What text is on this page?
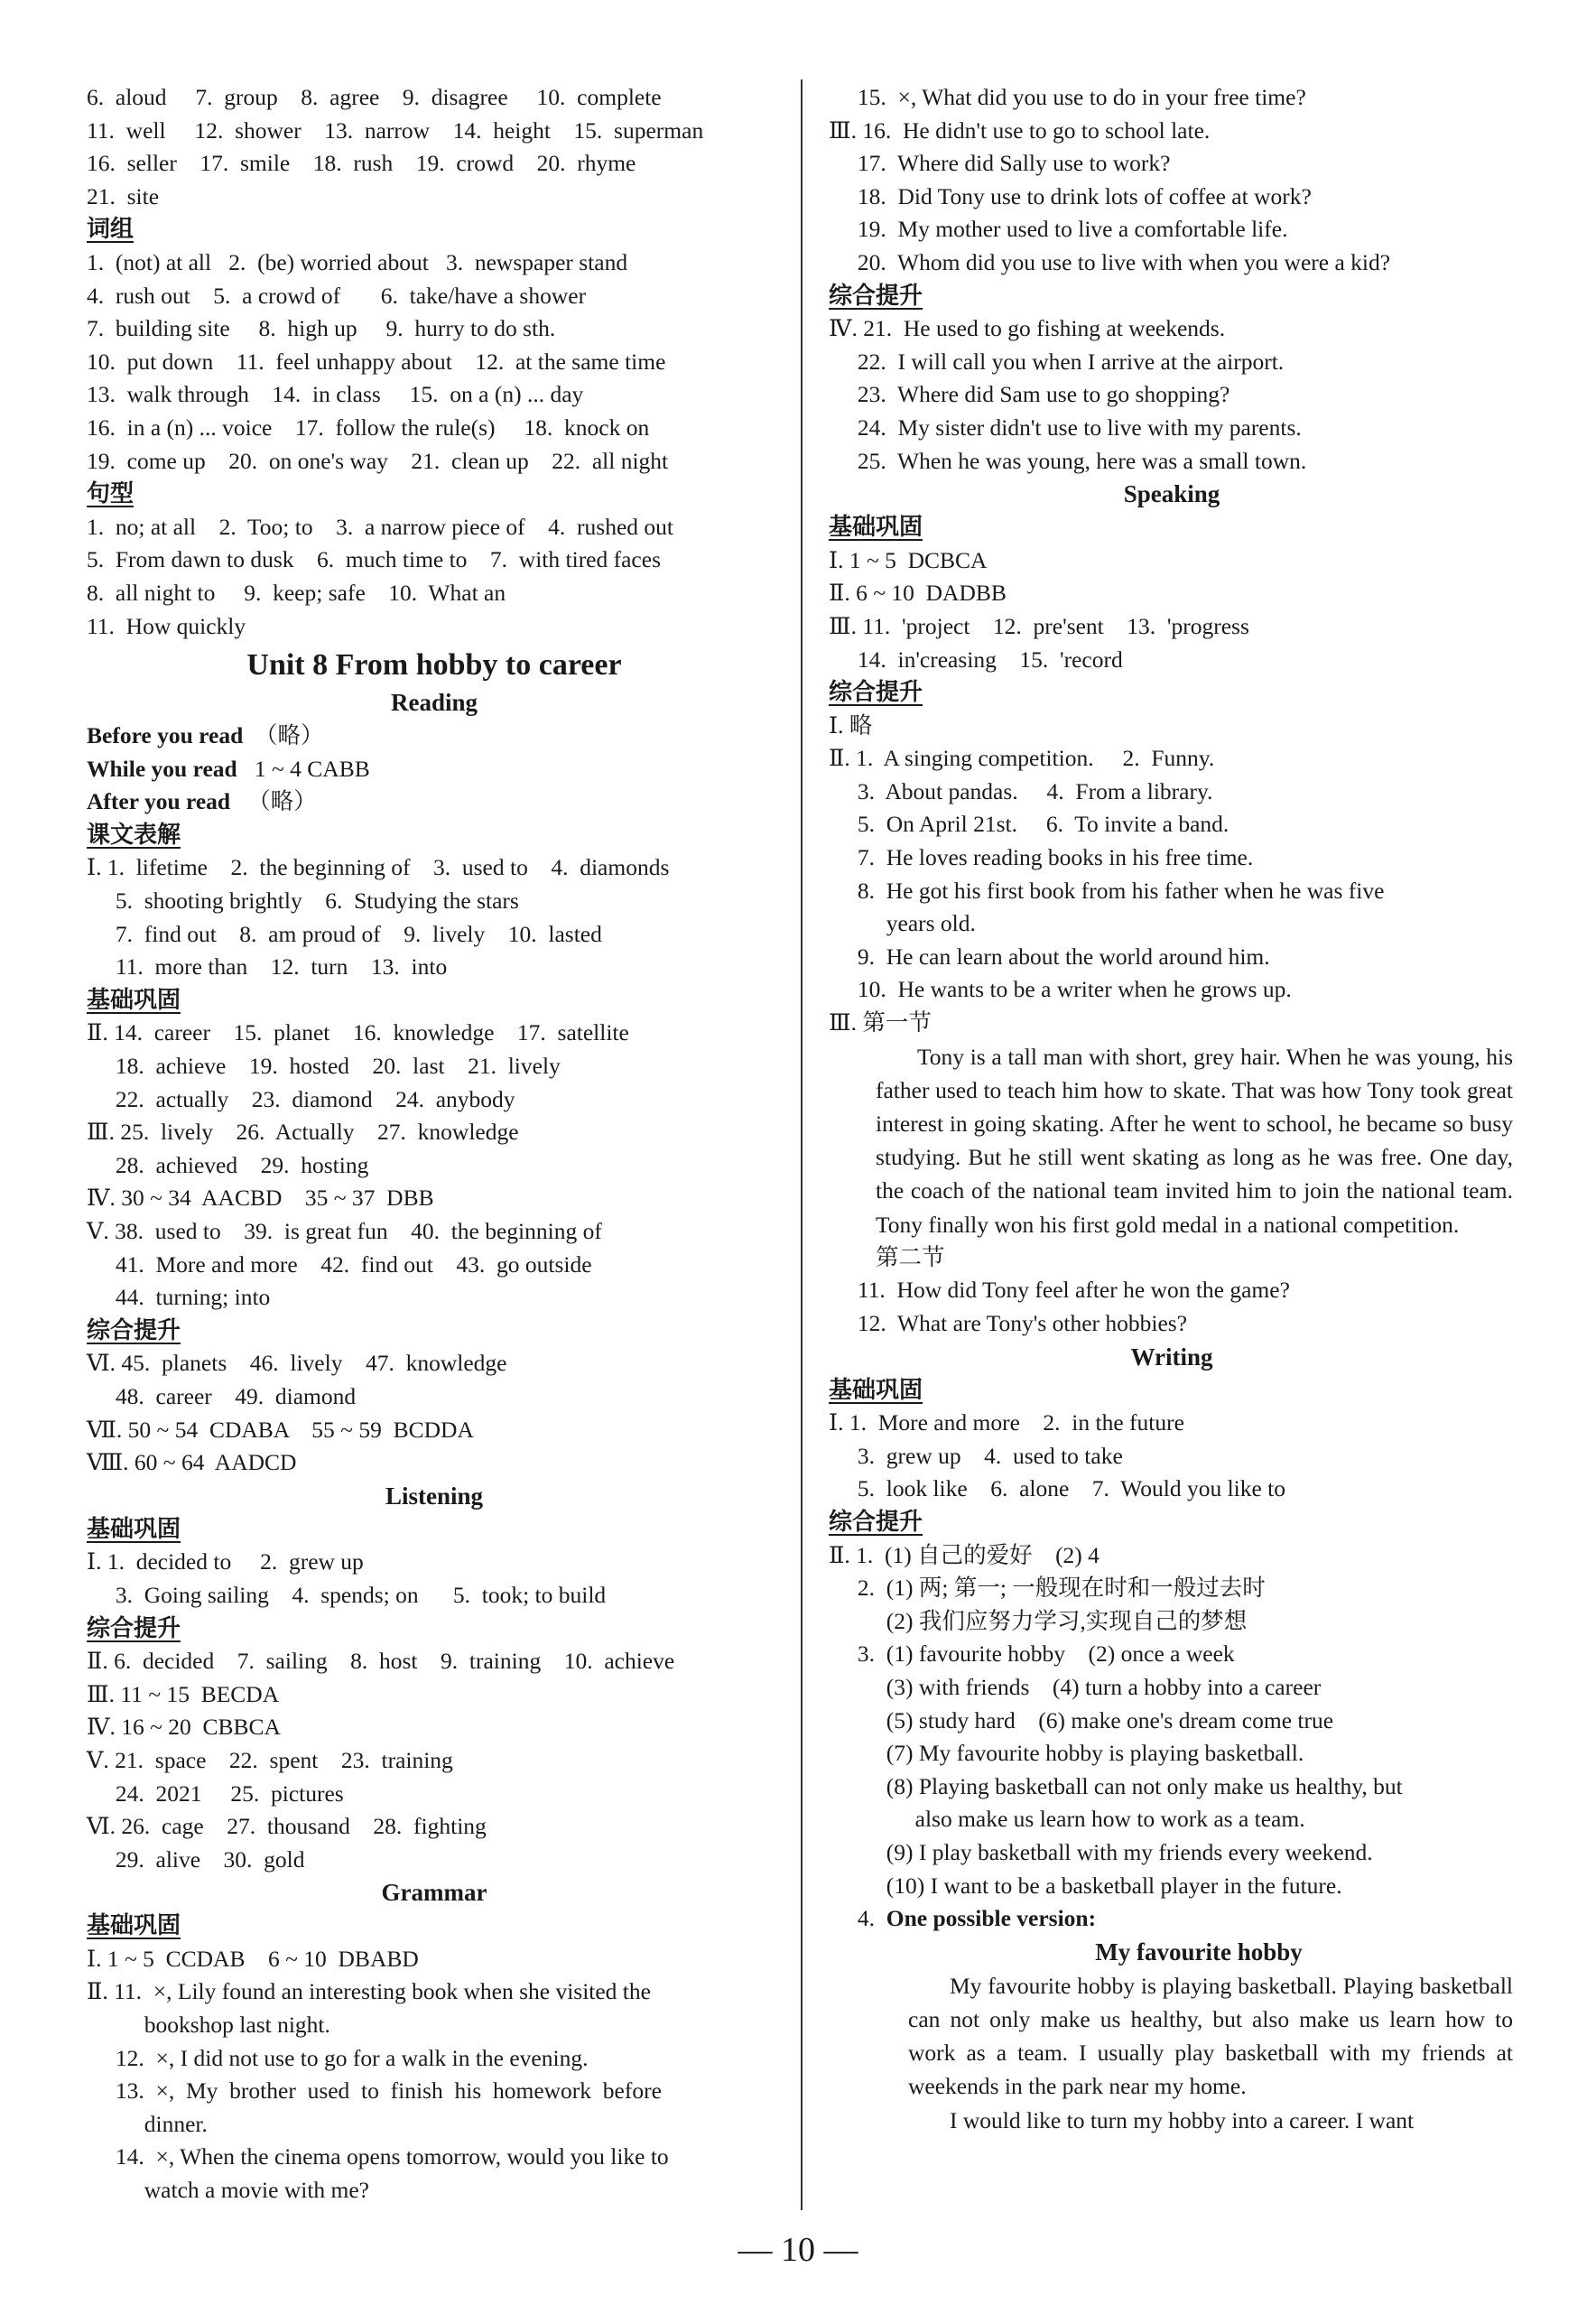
6.  aloud     7.  group    8.  agree    9.  disagree     10.  complete
11.  well     12.  shower    13.  narrow    14.  height    15.  superman
16.  seller    17.  smile    18.  rush    19.  crowd    20.  rhyme
21.  site
词组
1.  (not) at all   2.  (be) worried about   3.  newspaper stand
4.  rush out    5.  a crowd of       6.  take/have a shower
7.  building site     8.  high up     9.  hurry to do sth.
10.  put down    11.  feel unhappy about    12.  at the same time
13.  walk through    14.  in class     15.  on a (n) ... day
16.  in a (n) ... voice    17.  follow the rule(s)     18.  knock on
19.  come up    20.  on one's way    21.  clean up    22.  all night
句型
1.  no; at all    2.  Too; to    3.  a narrow piece of    4.  rushed out
5.  From dawn to dusk    6.  much time to    7.  with tired faces
8.  all night to     9.  keep; safe    10.  What an
11.  How quickly
Unit 8 From hobby to career
Reading
Before you read  （略）
While you read   1 ~ 4 CABB
After you read   （略）
课文表解
Ⅰ. 1.  lifetime    2.  the beginning of    3.  used to    4.  diamonds
5.  shooting brightly    6.  Studying the stars
7.  find out    8.  am proud of    9.  lively    10.  lasted
11.  more than    12.  turn    13.  into
基础巩固
Ⅱ. 14.  career    15.  planet    16.  knowledge    17.  satellite
18.  achieve    19.  hosted    20.  last    21.  lively
22.  actually    23.  diamond    24.  anybody
Ⅲ. 25.  lively    26.  Actually    27.  knowledge
28.  achieved    29.  hosting
Ⅳ. 30 ~ 34  AACBD    35 ~ 37  DBB
Ⅴ. 38.  used to    39.  is great fun    40.  the beginning of
41.  More and more    42.  find out    43.  go outside
44.  turning; into
综合提升
Ⅵ. 45.  planets    46.  lively    47.  knowledge
48.  career    49.  diamond
Ⅶ. 50 ~ 54  CDABA    55 ~ 59  BCDDA
Ⅷ. 60 ~ 64  AADCD
Listening
基础巩固
Ⅰ. 1.  decided to     2.  grew up
3.  Going sailing    4.  spends; on      5.  took; to build
综合提升
Ⅱ. 6.  decided    7.  sailing    8.  host    9.  training    10.  achieve
Ⅲ. 11 ~ 15  BECDA
Ⅳ. 16 ~ 20  CBBCA
Ⅴ. 21.  space    22.  spent    23.  training
24.  2021     25.  pictures
Ⅵ. 26.  cage    27.  thousand    28.  fighting
29.  alive    30.  gold
Grammar
基础巩固
Ⅰ. 1 ~ 5  CCDAB    6 ~ 10  DBABD
Ⅱ. 11.  ×, Lily found an interesting book when she visited the
bookshop last night.
12.  ×, I did not use to go for a walk in the evening.
13.  ×,  My  brother  used  to  finish  his  homework  before
dinner.
14.  ×, When the cinema opens tomorrow, would you like to
watch a movie with me?
15.  ×, What did you use to do in your free time?
Ⅲ. 16.  He didn't use to go to school late.
17.  Where did Sally use to work?
18.  Did Tony use to drink lots of coffee at work?
19.  My mother used to live a comfortable life.
20.  Whom did you use to live with when you were a kid?
综合提升
Ⅳ. 21.  He used to go fishing at weekends.
22.  I will call you when I arrive at the airport.
23.  Where did Sam use to go shopping?
24.  My sister didn't use to live with my parents.
25.  When he was young, here was a small town.
Speaking
基础巩固
Ⅰ. 1 ~ 5  DCBCA
Ⅱ. 6 ~ 10  DADBB
Ⅲ. 11.  'project    12.  pre'sent    13.  'progress
14.  in'creasing    15.  'record
综合提升
Ⅰ. 略
Ⅱ. 1.  A singing competition.     2.  Funny.
3.  About pandas.     4.  From a library.
5.  On April 21st.     6.  To invite a band.
7.  He loves reading books in his free time.
8.  He got his first book from his father when he was five
years old.
9.  He can learn about the world around him.
10.  He wants to be a writer when he grows up.
Ⅲ. 第一节
Tony is a tall man with short, grey hair. When he was young, his father used to teach him how to skate. That was how Tony took great interest in going skating. After he went to school, he became so busy studying. But he still went skating as long as he was free. One day, the coach of the national team invited him to join the national team. Tony finally won his first gold medal in a national competition.
第二节
11.  How did Tony feel after he won the game?
12.  What are Tony's other hobbies?
Writing
基础巩固
Ⅰ. 1.  More and more    2.  in the future
3.  grew up    4.  used to take
5.  look like    6.  alone    7.  Would you like to
综合提升
Ⅱ. 1.  (1) 自己的爱好    (2) 4
2.  (1) 两; 第一; 一般现在时和一般过去时
(2) 我们应努力学习,实现自己的梦想
3.  (1) favourite hobby    (2) once a week
(3) with friends    (4) turn a hobby into a career
(5) study hard    (6) make one's dream come true
(7) My favourite hobby is playing basketball.
(8) Playing basketball can not only make us healthy, but
also make us learn how to work as a team.
(9) I play basketball with my friends every weekend.
(10) I want to be a basketball player in the future.
4.  One possible version:
My favourite hobby
My favourite hobby is playing basketball. Playing basketball can not only make us healthy, but also make us learn how to work as a team. I usually play basketball with my friends at weekends in the park near my home.
I would like to turn my hobby into a career. I want
— 10 —
